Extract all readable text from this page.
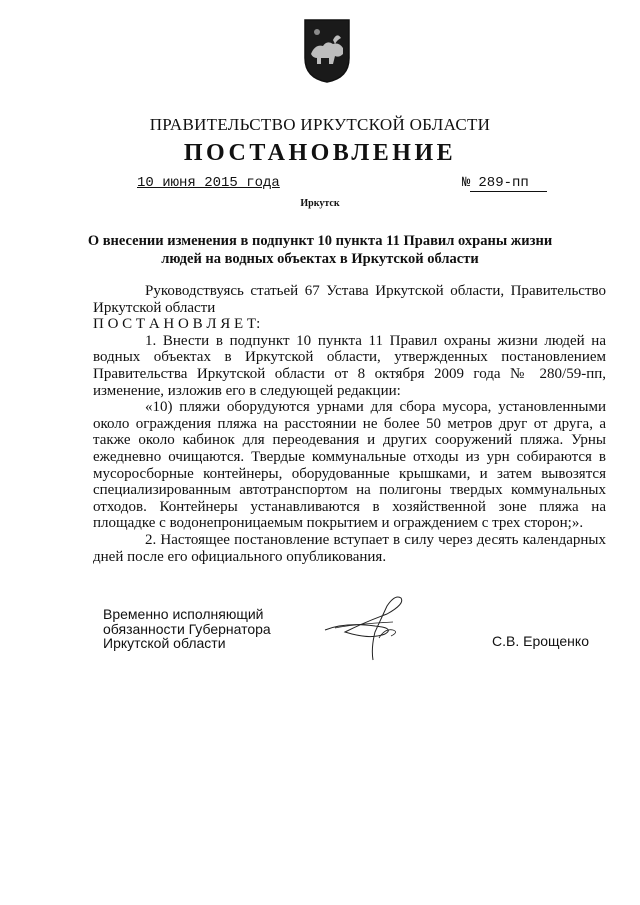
ПРАВИТЕЛЬСТВО ИРКУТСКОЙ ОБЛАСТИ
ПОСТАНОВЛЕНИЕ
10 июня 2015 года	№ 289-пп
Иркутск
О внесении изменения в подпункт 10 пункта 11 Правил охраны жизни людей на водных объектах в Иркутской области

Руководствуясь статьей 67 Устава Иркутской области, Правительство Иркутской области

П О С Т А Н О В Л Я Е Т:

1. Внести в подпункт 10 пункта 11 Правил охраны жизни людей на водных объектах в Иркутской области, утвержденных постановлением Правительства Иркутской области от 8 октября 2009 года № 280/59-пп, изменение, изложив его в следующей редакции:

«10) пляжи оборудуются урнами для сбора мусора, установленными около ограждения пляжа на расстоянии не более 50 метров друг от друга, а также около кабинок для переодевания и других сооружений пляжа. Урны ежедневно очищаются. Твердые коммунальные отходы из урн собираются в мусоросборные контейнеры, оборудованные крышками, и затем вывозятся специализированным автотранспортом на полигоны твердых коммунальных отходов. Контейнеры устанавливаются в хозяйственной зоне пляжа на площадке с водонепроницаемым покрытием и ограждением с трех сторон;».

2. Настоящее постановление вступает в силу через десять календарных дней после его официального опубликования.

Временно исполняющий
обязанности Губернатора
Иркутской области	С.В. Ерощенко
